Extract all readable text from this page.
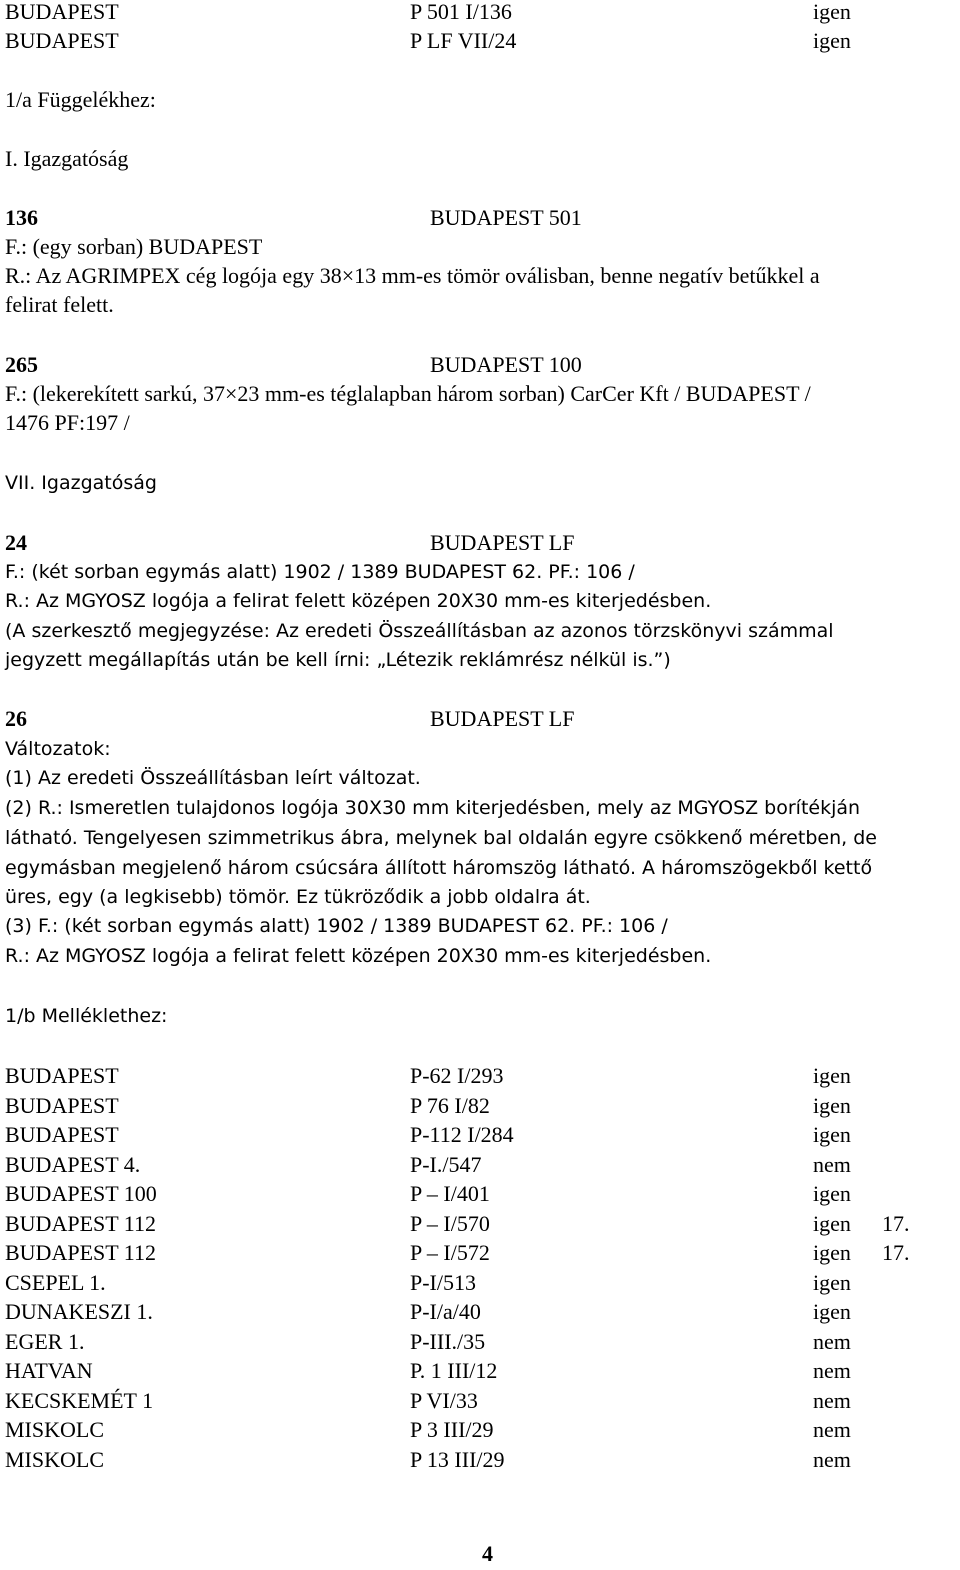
BUDAPEST	P 501 I/136	igen
BUDAPEST	P LF VII/24	igen
1/a Függelékhez:
I. Igazgatóság
136	BUDAPEST 501
F.: (egy sorban) BUDAPEST
R.: Az AGRIMPEX cég logója egy 38×13 mm-es tömör oválisban, benne negatív betűkkel a
felirat felett.
265	BUDAPEST 100
F.: (lekerekített sarkú, 37×23 mm-es téglalapban három sorban) CarCer Kft / BUDAPEST /
1476 PF:197 /
VII. Igazgatóság
24	BUDAPEST LF
F.: (két sorban egymás alatt) 1902 / 1389 BUDAPEST 62. PF.: 106 /
R.: Az MGYOSZ logója a felirat felett középen 20X30 mm-es kiterjedésben.
(A szerkesztő megjegyzése: Az eredeti Összeállításban az azonos törzskönyvi számmal
jegyzett megállapítás után be kell írni: „Létezik reklámrész nélkül is.”)
26	BUDAPEST LF
Változatok:
(1) Az eredeti Összeállításban leírt változat.
(2) R.: Ismeretlen tulajdonos logója 30X30 mm kiterjedésben, mely az MGYOSZ borítékján
látható. Tengelyesen szimmetrikus ábra, melynek bal oldalán egyre csökkenő méretben, de
egymásban megjelenő három csúcsára állított háromszög látható. A háromszögekből kettő
üres, egy (a legkisebb) tömör. Ez tükröződik a jobb oldalra át.
(3) F.: (két sorban egymás alatt) 1902 / 1389 BUDAPEST 62. PF.: 106 /
R.: Az MGYOSZ logója a felirat felett középen 20X30 mm-es kiterjedésben.
1/b Melléklethez:
BUDAPEST	P-62 I/293	igen
BUDAPEST	P 76 I/82	igen
BUDAPEST	P-112 I/284	igen
BUDAPEST 4.	P-I./547	nem
BUDAPEST 100	P – I/401	igen
BUDAPEST 112	P – I/570	igen 17.
BUDAPEST 112	P – I/572	igen 17.
CSEPEL 1.	P-I/513	igen
DUNAKESZI 1.	P-I/a/40	igen
EGER 1.	P-III./35	nem
HATVAN	P. 1 III/12	nem
KECSKEMÉT 1	P VI/33	nem
MISKOLC	P 3 III/29	nem
MISKOLC	P 13 III/29	nem
4
